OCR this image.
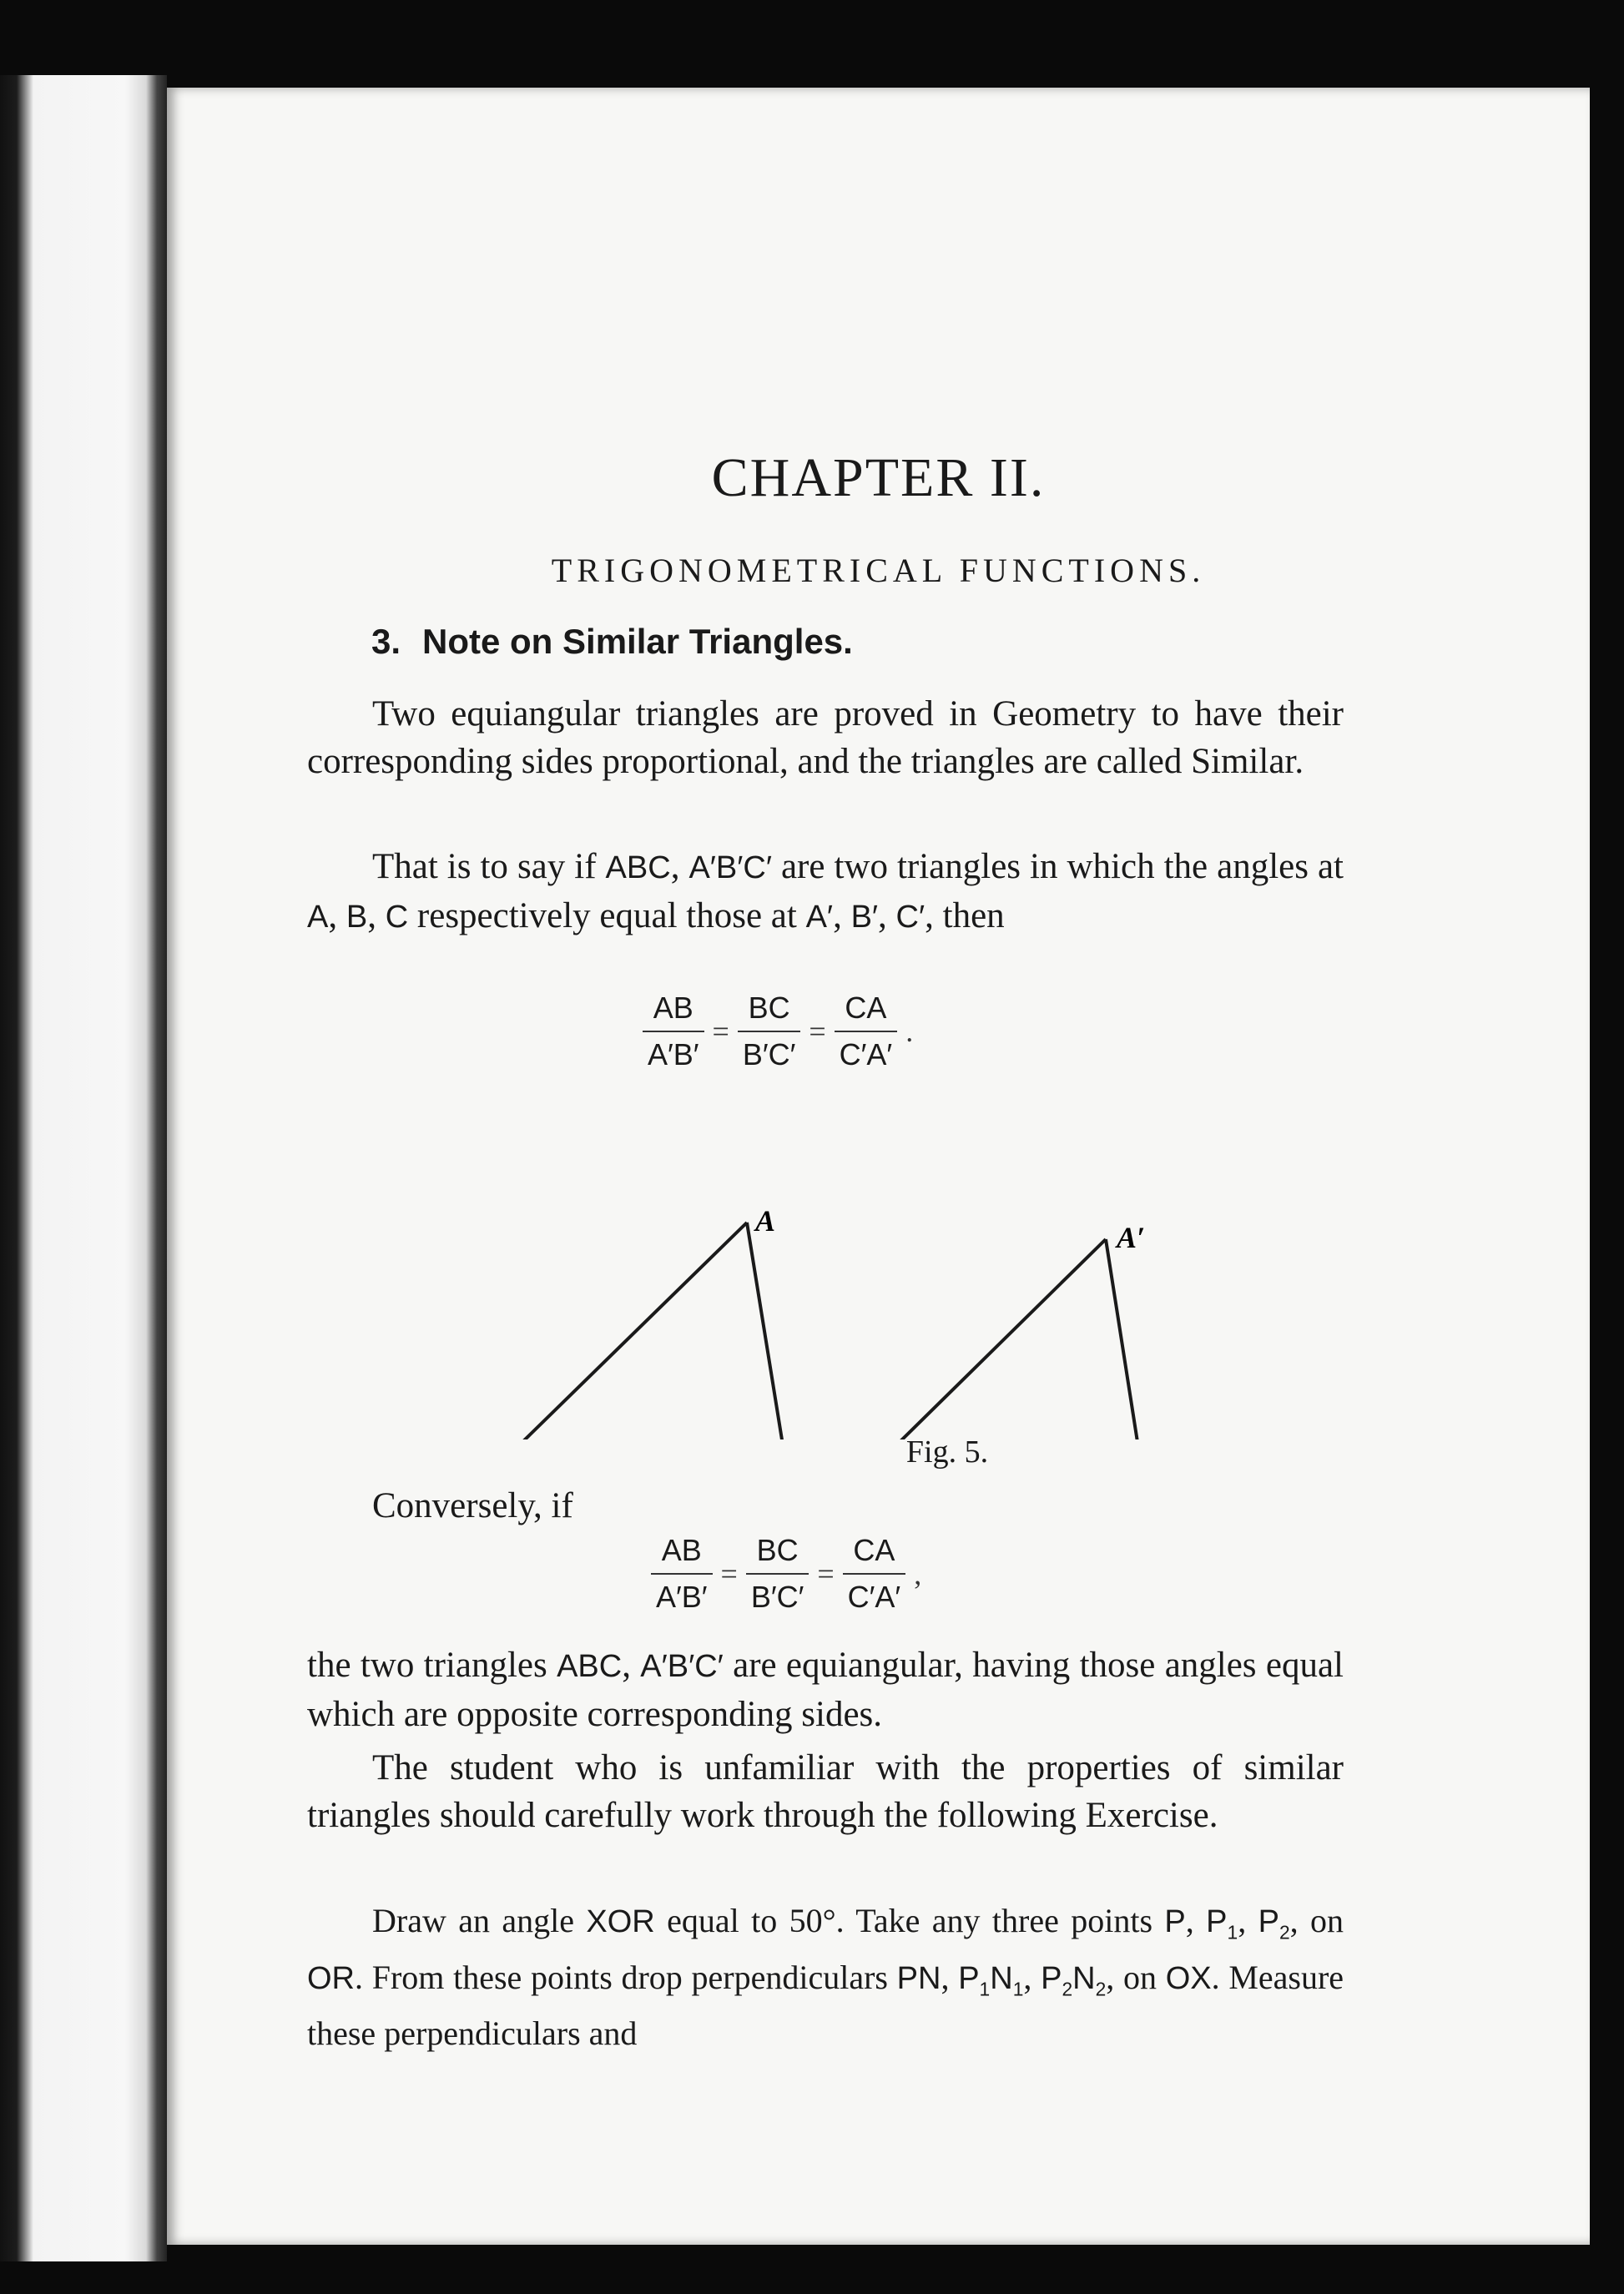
CHAPTER II.
TRIGONOMETRICAL FUNCTIONS.
3. Note on Similar Triangles.
Two equiangular triangles are proved in Geometry to have their corresponding sides proportional, and the triangles are called Similar.
That is to say if ABC, A′B′C′ are two triangles in which the angles at A, B, C respectively equal those at A′, B′, C′, then
$\frac{AB}{A'B'} = \frac{BC}{B'C'} = \frac{CA}{C'A'}$ .
A	A′
Fig. 5.
Conversely, if
$\frac{AB}{A'B'} = \frac{BC}{B'C'} = \frac{CA}{C'A'}$ ,
the two triangles ABC, A′B′C′ are equiangular, having those angles equal which are opposite corresponding sides.
The student who is unfamiliar with the properties of similar triangles should carefully work through the following Exercise.
Draw an angle XOR equal to 50°. Take any three points P, $P_1$, $P_2$, on OR. From these points drop perpendiculars PN, $P_1N_1$, $P_2N_2$, on OX. Measure these perpendiculars and
